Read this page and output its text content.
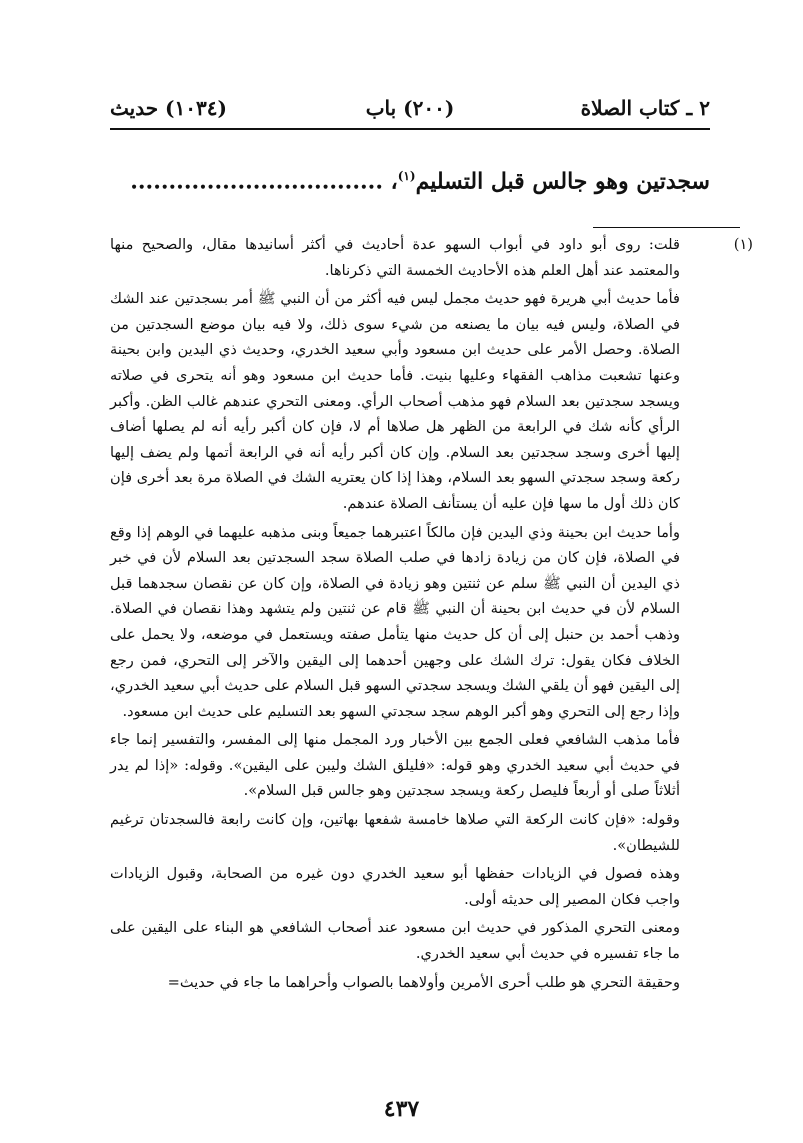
٢ ـ كتاب الصلاة
(٢٠٠) باب
(١٠٣٤) حديث
سجدتين وهو جالس قبل التسليم$^{(١)}$، .................................
(١)

قلت: روى أبو داود في أبواب السهو عدة أحاديث في أكثر أسانيدها مقال، والصحيح منها والمعتمد عند أهل العلم هذه الأحاديث الخمسة التي ذكرناها.

فأما حديث أبي هريرة فهو حديث مجمل ليس فيه أكثر من أن النبي ﷺ أمر بسجدتين عند الشك في الصلاة، وليس فيه بيان ما يصنعه من شيء سوى ذلك، ولا فيه بيان موضع السجدتين من الصلاة. وحصل الأمر على حديث ابن مسعود وأبي سعيد الخدري، وحديث ذي اليدين وابن بحينة وعنها تشعبت مذاهب الفقهاء وعليها بنيت. فأما حديث ابن مسعود وهو أنه يتحرى في صلاته ويسجد سجدتين بعد السلام فهو مذهب أصحاب الرأي. ومعنى التحري عندهم غالب الظن. وأكبر الرأي كأنه شك في الرابعة من الظهر هل صلاها أم لا، فإن كان أكبر رأيه أنه لم يصلها أضاف إليها أخرى وسجد سجدتين بعد السلام. وإن كان أكبر رأيه أنه في الرابعة أتمها ولم يضف إليها ركعة وسجد سجدتي السهو بعد السلام، وهذا إذا كان يعتريه الشك في الصلاة مرة بعد أخرى فإن كان ذلك أول ما سها فإن عليه أن يستأنف الصلاة عندهم.

وأما حديث ابن بحينة وذي اليدين فإن مالكاً اعتبرهما جميعاً وبنى مذهبه عليهما في الوهم إذا وقع في الصلاة، فإن كان من زيادة زادها في صلب الصلاة سجد السجدتين بعد السلام لأن في خبر ذي اليدين أن النبي ﷺ سلم عن ثنتين وهو زيادة في الصلاة، وإن كان عن نقصان سجدهما قبل السلام لأن في حديث ابن بحينة أن النبي ﷺ قام عن ثنتين ولم يتشهد وهذا نقصان في الصلاة. وذهب أحمد بن حنبل إلى أن كل حديث منها يتأمل صفته ويستعمل في موضعه، ولا يحمل على الخلاف فكان يقول: ترك الشك على وجهين أحدهما إلى اليقين والآخر إلى التحري، فمن رجع إلى اليقين فهو أن يلقي الشك ويسجد سجدتي السهو قبل السلام على حديث أبي سعيد الخدري، وإذا رجع إلى التحري وهو أكبر الوهم سجد سجدتي السهو بعد التسليم على حديث ابن مسعود.

فأما مذهب الشافعي فعلى الجمع بين الأخبار ورد المجمل منها إلى المفسر، والتفسير إنما جاء في حديث أبي سعيد الخدري وهو قوله: «فليلق الشك وليبن على اليقين». وقوله: «إذا لم يدر أثلاثاً صلى أو أربعاً فليصل ركعة ويسجد سجدتين وهو جالس قبل السلام».

وقوله: «فإن كانت الركعة التي صلاها خامسة شفعها بهاتين، وإن كانت رابعة فالسجدتان ترغيم للشيطان».

وهذه فصول في الزيادات حفظها أبو سعيد الخدري دون غيره من الصحابة، وقبول الزيادات واجب فكان المصير إلى حديثه أولى.

ومعنى التحري المذكور في حديث ابن مسعود عند أصحاب الشافعي هو البناء على اليقين على ما جاء تفسيره في حديث أبي سعيد الخدري.

وحقيقة التحري هو طلب أحرى الأمرين وأولاهما بالصواب وأحراهما ما جاء في حديث=

٤٣٧
